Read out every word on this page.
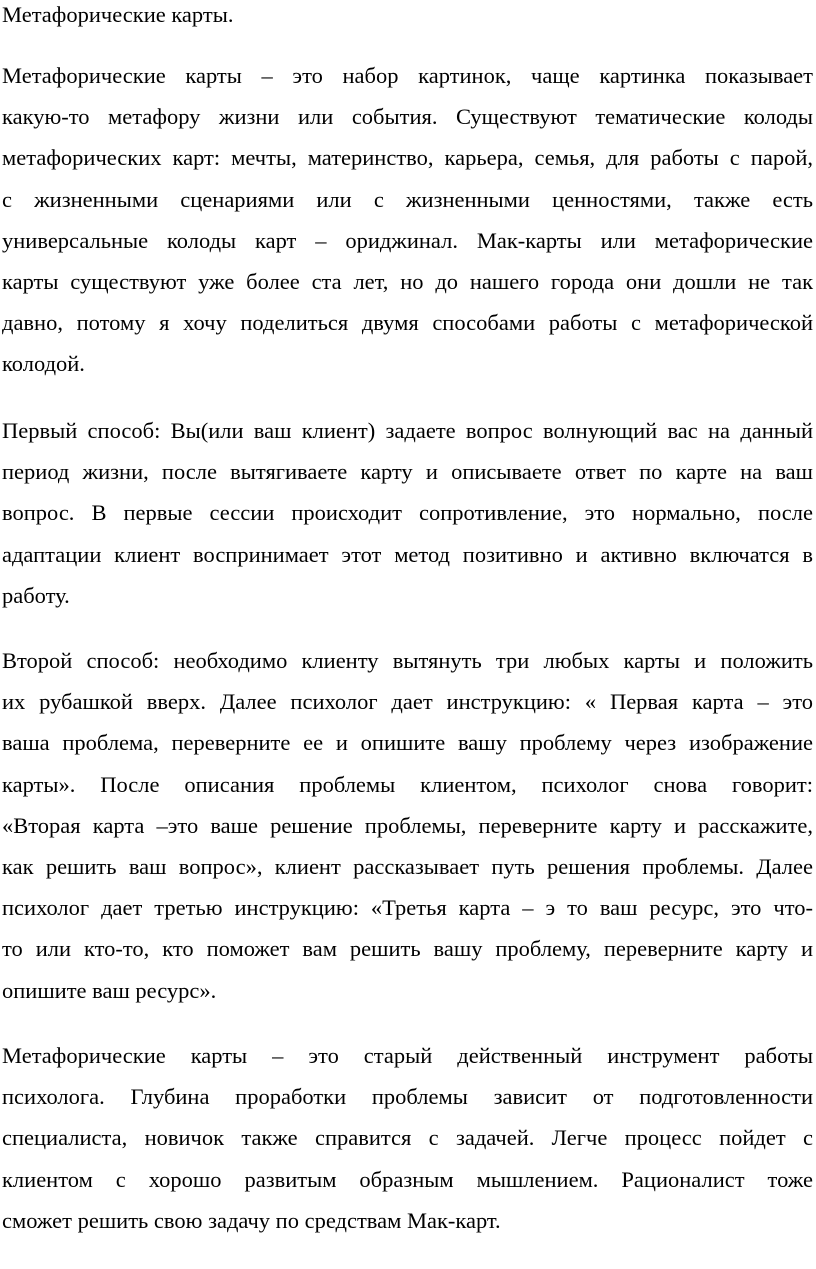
Метафорические карты.

Метафорические карты – это набор картинок, чаще картинка показывает
какую-то метафору жизни или события. Существуют тематические колоды
метафорических карт: мечты, материнство, карьера, семья, для работы с парой,
с жизненными сценариями или с жизненными ценностями, также есть
универсальные колоды карт – ориджинал. Мак-карты или метафорические
карты существуют уже более ста лет, но до нашего города они дошли не так
давно, потому я хочу поделиться двумя способами работы с метафорической
колодой.

Первый способ: Вы(или ваш клиент) задаете вопрос волнующий вас на данный
период жизни, после вытягиваете карту и описываете ответ по карте на ваш
вопрос. В первые сессии происходит сопротивление, это нормально, после
адаптации клиент воспринимает этот метод позитивно и активно включатся в
работу.

Второй способ: необходимо клиенту вытянуть три любых карты и положить
их рубашкой вверх. Далее психолог дает инструкцию: « Первая карта – это
ваша проблема, переверните ее и опишите вашу проблему через изображение
карты». После описания проблемы клиентом, психолог снова говорит:
«Вторая карта –это ваше решение проблемы, переверните карту и расскажите,
как решить ваш вопрос», клиент рассказывает путь решения проблемы. Далее
психолог дает третью инструкцию: «Третья карта – э то ваш ресурс, это что-
то или кто-то, кто поможет вам решить вашу проблему, переверните карту и
опишите ваш ресурс».

Метафорические карты – это старый действенный инструмент работы
психолога. Глубина проработки проблемы зависит от подготовленности
специалиста, новичок также справится с задачей. Легче процесс пойдет с
клиентом с хорошо развитым образным мышлением. Рационалист тоже
сможет решить свою задачу по средствам Мак-карт.
